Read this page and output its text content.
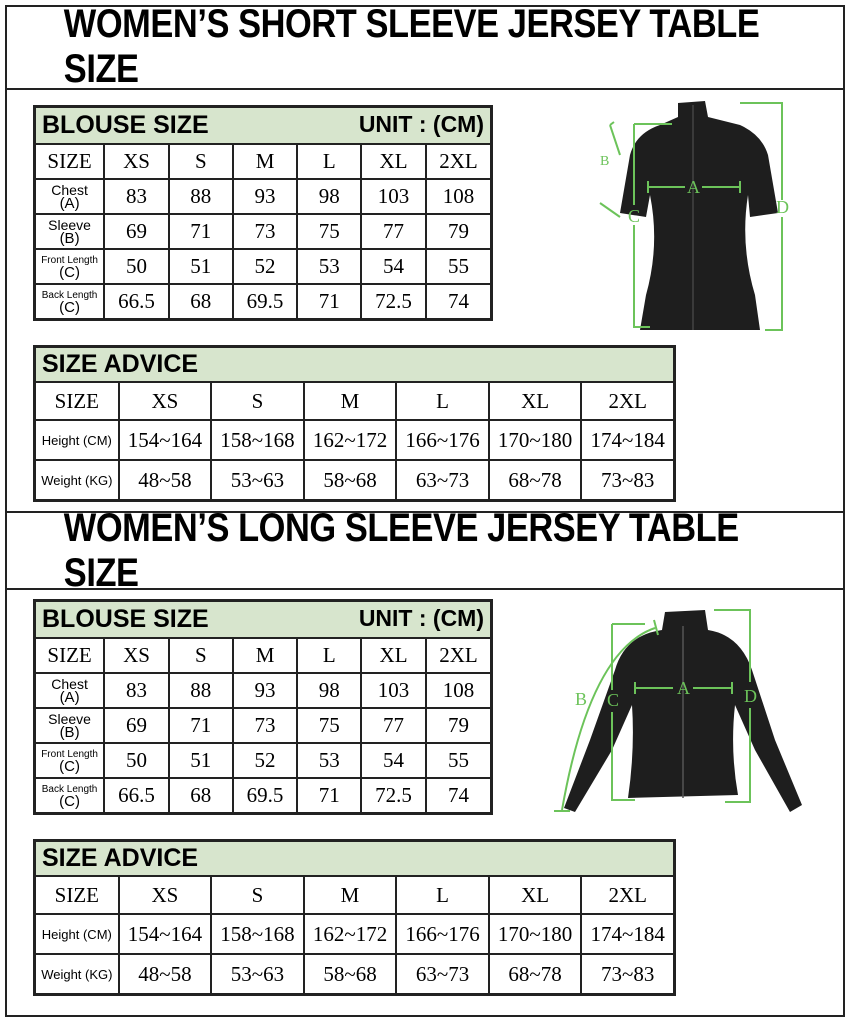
WOMEN’S SHORT SLEEVE JERSEY TABLE SIZE
WOMEN’S LONG SLEEVE JERSEY TABLE SIZE
BLOUSE SIZE UNIT : (CM)						

SIZE	XS	S	M	L	XL	2XL

Chest
(A)	83	88	93	98	103	108

Sleeve
(B)	69	71	73	75	77	79

Front Length
(C)	50	51	52	53	54	55

Back Length
(C)	66.5	68	69.5	71	72.5	74
SIZE ADVICE						
SIZE	XS	S	M	L	XL	2XL
Height (CM)	154~164	158~168	162~172	166~176	170~180	174~184
Weight (KG)	48~58	53~63	58~68	63~73	68~78	73~83
BLOUSE SIZE UNIT : (CM)						

SIZE	XS	S	M	L	XL	2XL

Chest
(A)	83	88	93	98	103	108

Sleeve
(B)	69	71	73	75	77	79

Front Length
(C)	50	51	52	53	54	55

Back Length
(C)	66.5	68	69.5	71	72.5	74
SIZE ADVICE						
SIZE	XS	S	M	L	XL	2XL
Height (CM)	154~164	158~168	162~172	166~176	170~180	174~184
Weight (KG)	48~58	53~63	58~68	63~73	68~78	73~83
A
B
C	D
A
B C	D
